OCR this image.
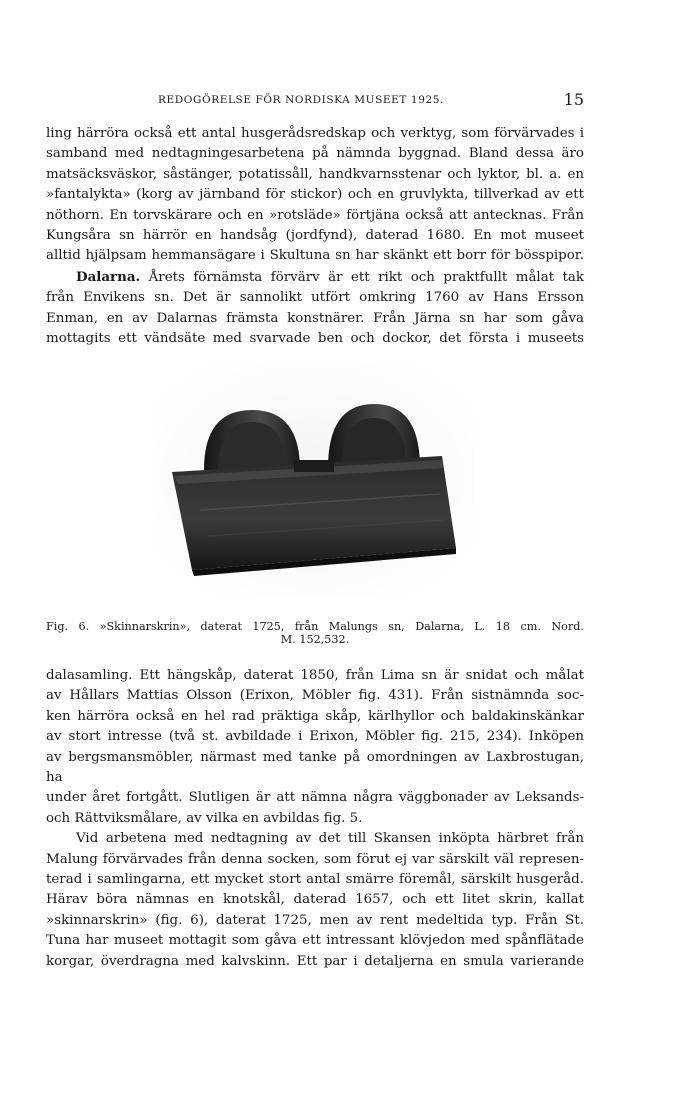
REDOGÖRELSE FÖR NORDISKA MUSEET 1925.	15

ling härröra också ett antal husgerådsredskap och verktyg, som förvärvades i

samband med nedtagningesarbetena på nämnda byggnad. Bland dessa äro

matsäcksväskor, såstänger, potatissåll, handkvarnsstenar och lyktor, bl. a. en

»fantalykta» (korg av järnband för stickor) och en gruvlykta, tillverkad av ett

nöthorn. En torvskärare och en »rotsläde» förtjäna också att antecknas. Från

Kungsåra sn härrör en handsåg (jordfynd), daterad 1680. En mot museet

alltid hjälpsam hemmansägare i Skultuna sn har skänkt ett borr för bösspipor.

Dalarna. Årets förnämsta förvärv är ett rikt och praktfullt målat tak

från Envikens sn. Det är sannolikt utfört omkring 1760 av Hans Ersson

Enman, en av Dalarnas främsta konstnärer. Från Järna sn har som gåva

mottagits ett vändsäte med svarvade ben och dockor, det första i museets

Fig. 6. »Skinnarskrin», daterat 1725, från Malungs sn, Dalarna, L. 18 cm. Nord.
M. 152,532.

dalasamling. Ett hängskåp, daterat 1850, från Lima sn är snidat och målat

av Hållars Mattias Olsson (Erixon, Möbler fig. 431). Från sistnämnda soc-

ken härröra också en hel rad präktiga skåp, kärlhyllor och baldakinskänkar

av stort intresse (två st. avbildade i Erixon, Möbler fig. 215, 234). Inköpen

av bergsmansmöbler, närmast med tanke på omordningen av Laxbrostugan, ha

under året fortgått. Slutligen är att nämna några väggbonader av Leksands-

och Rättviksmålare, av vilka en avbildas fig. 5.

Vid arbetena med nedtagning av det till Skansen inköpta härbret från

Malung förvärvades från denna socken, som förut ej var särskilt väl represen-

terad i samlingarna, ett mycket stort antal smärre föremål, särskilt husgeråd.

Härav böra nämnas en knotskål, daterad 1657, och ett litet skrin, kallat

»skinnarskrin» (fig. 6), daterat 1725, men av rent medeltida typ. Från St.

Tuna har museet mottagit som gåva ett intressant klövjedon med spånflätade

korgar, överdragna med kalvskinn. Ett par i detaljerna en smula varierande
